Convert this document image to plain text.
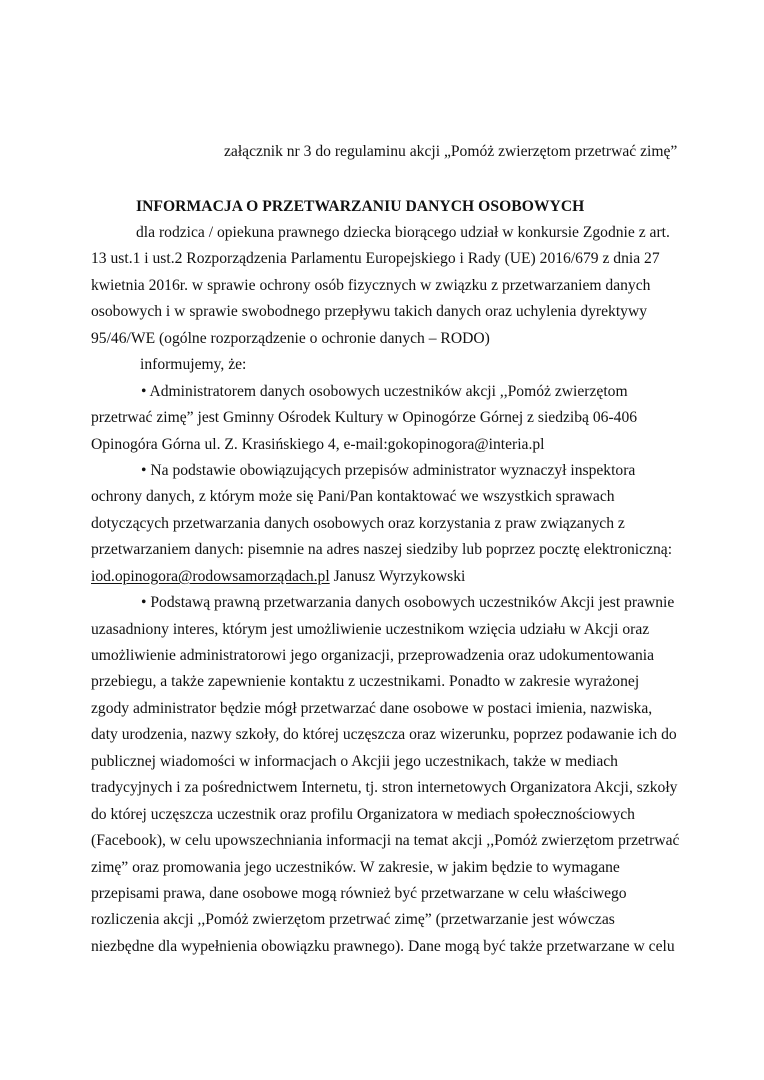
załącznik nr 3 do regulaminu akcji „Pomóż zwierzętom przetrwać zimę”
INFORMACJA O PRZETWARZANIU DANYCH OSOBOWYCH
dla rodzica / opiekuna prawnego dziecka biorącego udział w konkursie Zgodnie z art.
13 ust.1 i ust.2 Rozporządzenia Parlamentu Europejskiego i Rady (UE) 2016/679 z dnia 27
kwietnia 2016r. w sprawie ochrony osób fizycznych w związku z przetwarzaniem danych
osobowych i w sprawie swobodnego przepływu takich danych oraz uchylenia dyrektywy
95/46/WE (ogólne rozporządzenie o ochronie danych – RODO)
informujemy, że:
• Administratorem danych osobowych uczestników akcji ,,Pomóż zwierzętom
przetrwać zimę” jest Gminny Ośrodek Kultury w Opinogórze Górnej z siedzibą 06-406
Opinogóra Górna ul. Z. Krasińskiego 4, e-mail:gokopinogora@interia.pl
• Na podstawie obowiązujących przepisów administrator wyznaczył inspektora
ochrony danych, z którym może się Pani/Pan kontaktować we wszystkich sprawach
dotyczących przetwarzania danych osobowych oraz korzystania z praw związanych z
przetwarzaniem danych: pisemnie na adres naszej siedziby lub poprzez pocztę elektroniczną:
iod.opinogora@rodowsamorządach.pl Janusz Wyrzykowski
• Podstawą prawną przetwarzania danych osobowych uczestników Akcji jest prawnie
uzasadniony interes, którym jest umożliwienie uczestnikom wzięcia udziału w Akcji oraz
umożliwienie administratorowi jego organizacji, przeprowadzenia oraz udokumentowania
przebiegu, a także zapewnienie kontaktu z uczestnikami. Ponadto w zakresie wyrażonej
zgody administrator będzie mógł przetwarzać dane osobowe w postaci imienia, nazwiska,
daty urodzenia, nazwy szkoły, do której uczęszcza oraz wizerunku, poprzez podawanie ich do
publicznej wiadomości w informacjach o Akcjii jego uczestnikach, także w mediach
tradycyjnych i za pośrednictwem Internetu, tj. stron internetowych Organizatora Akcji, szkoły
do której uczęszcza uczestnik oraz profilu Organizatora w mediach społecznościowych
(Facebook), w celu upowszechniania informacji na temat akcji ,,Pomóż zwierzętom przetrwać
zimę” oraz promowania jego uczestników. W zakresie, w jakim będzie to wymagane
przepisami prawa, dane osobowe mogą również być przetwarzane w celu właściwego
rozliczenia akcji ,,Pomóż zwierzętom przetrwać zimę” (przetwarzanie jest wówczas
niezbędne dla wypełnienia obowiązku prawnego). Dane mogą być także przetwarzane w celu
